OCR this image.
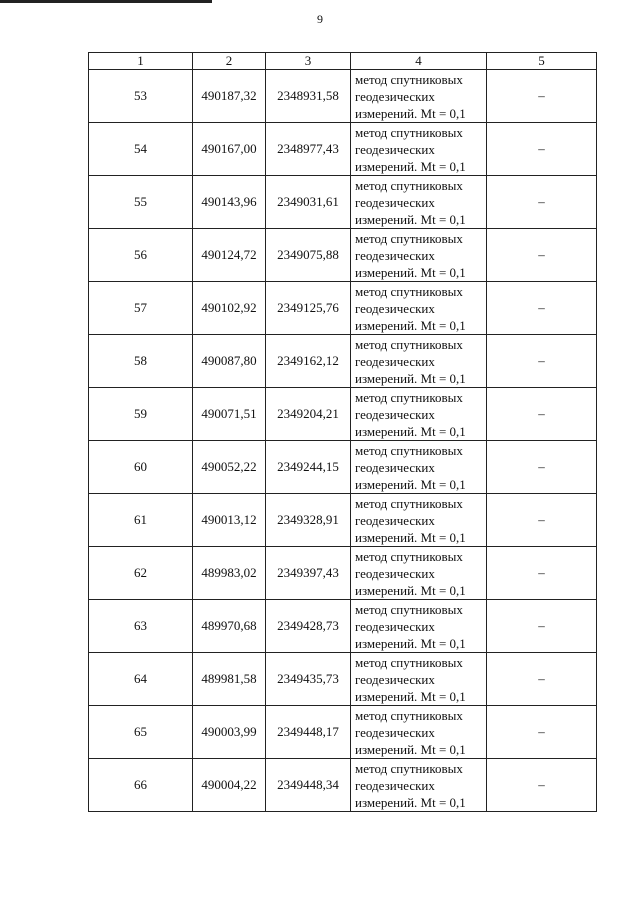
9
1	2	3	4	5
53	490187,32	2348931,58	метод спутниковых
геодезических
измерений. Mt = 0,1	–
54	490167,00	2348977,43	метод спутниковых
геодезических
измерений. Mt = 0,1	–
55	490143,96	2349031,61	метод спутниковых
геодезических
измерений. Mt = 0,1	–
56	490124,72	2349075,88	метод спутниковых
геодезических
измерений. Mt = 0,1	–
57	490102,92	2349125,76	метод спутниковых
геодезических
измерений. Mt = 0,1	–
58	490087,80	2349162,12	метод спутниковых
геодезических
измерений. Mt = 0,1	–
59	490071,51	2349204,21	метод спутниковых
геодезических
измерений. Mt = 0,1	–
60	490052,22	2349244,15	метод спутниковых
геодезических
измерений. Mt = 0,1	–
61	490013,12	2349328,91	метод спутниковых
геодезических
измерений. Mt = 0,1	–
62	489983,02	2349397,43	метод спутниковых
геодезических
измерений. Mt = 0,1	–
63	489970,68	2349428,73	метод спутниковых
геодезических
измерений. Mt = 0,1	–
64	489981,58	2349435,73	метод спутниковых
геодезических
измерений. Mt = 0,1	–
65	490003,99	2349448,17	метод спутниковых
геодезических
измерений. Mt = 0,1	–
66	490004,22	2349448,34	метод спутниковых
геодезических
измерений. Mt = 0,1	–
